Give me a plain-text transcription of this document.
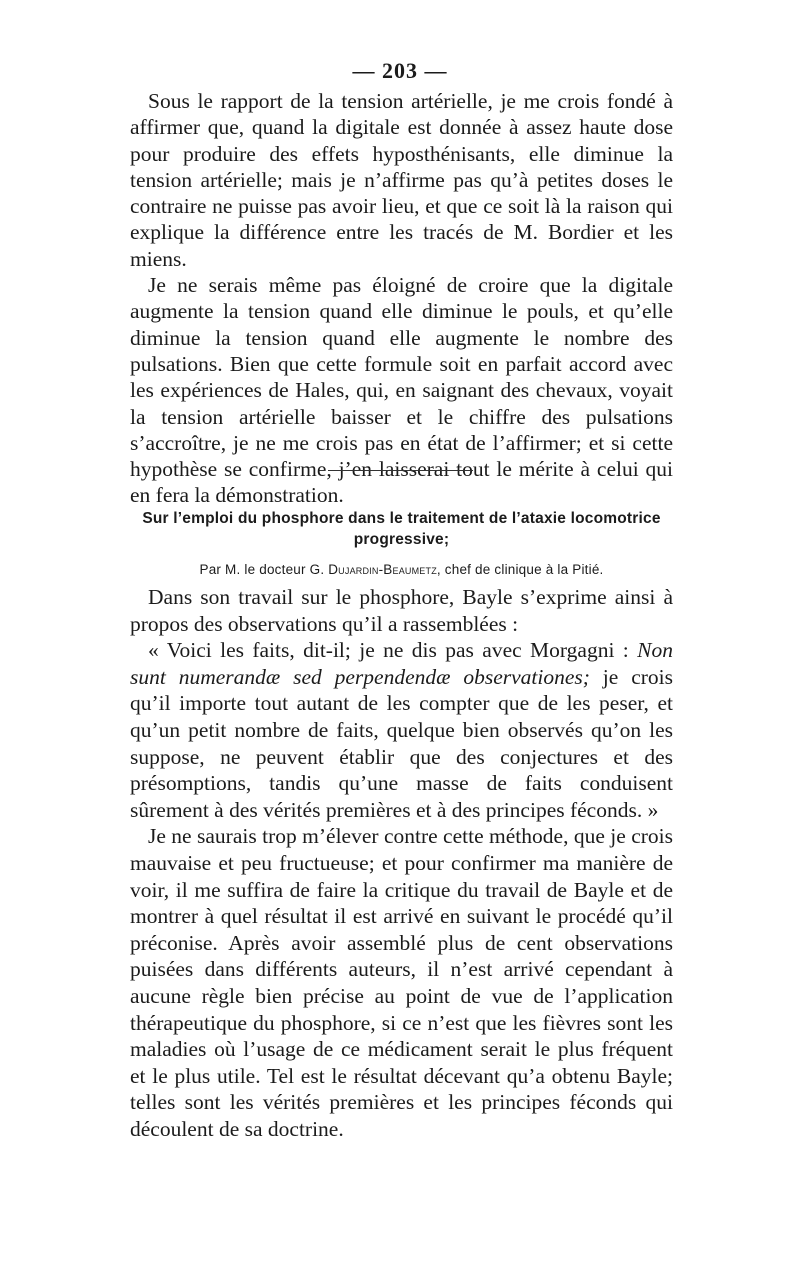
— 203 —

Sous le rapport de la tension artérielle, je me crois fondé à affirmer que, quand la digitale est donnée à assez haute dose pour produire des effets hyposthénisants, elle diminue la tension artérielle; mais je n’affirme pas qu’à petites doses le contraire ne puisse pas avoir lieu, et que ce soit là la raison qui explique la différence entre les tracés de M. Bordier et les miens.

Je ne serais même pas éloigné de croire que la digitale augmente la tension quand elle diminue le pouls, et qu’elle diminue la tension quand elle augmente le nombre des pulsations. Bien que cette formule soit en parfait accord avec les expériences de Hales, qui, en saignant des chevaux, voyait la tension artérielle baisser et le chiffre des pulsations s’accroître, je ne me crois pas en état de l’affirmer; et si cette hypothèse se confirme, j’en laisserai tout le mérite à celui qui en fera la démonstration.

Sur l’emploi du phosphore dans le traitement de l’ataxie locomotrice progressive;
Par M. le docteur G. Dujardin-Beaumetz, chef de clinique à la Pitié.

Dans son travail sur le phosphore, Bayle s’exprime ainsi à propos des observations qu’il a rassemblées :

« Voici les faits, dit-il; je ne dis pas avec Morgagni : Non sunt numerandæ sed perpendendæ observationes; je crois qu’il importe tout autant de les compter que de les peser, et qu’un petit nombre de faits, quelque bien observés qu’on les suppose, ne peuvent établir que des conjectures et des présomptions, tandis qu’une masse de faits conduisent sûrement à des vérités premières et à des principes féconds. »

Je ne saurais trop m’élever contre cette méthode, que je crois mauvaise et peu fructueuse; et pour confirmer ma manière de voir, il me suffira de faire la critique du travail de Bayle et de montrer à quel résultat il est arrivé en suivant le procédé qu’il préconise. Après avoir assemblé plus de cent observations puisées dans différents auteurs, il n’est arrivé cependant à aucune règle bien précise au point de vue de l’application thérapeutique du phosphore, si ce n’est que les fièvres sont les maladies où l’usage de ce médicament serait le plus fréquent et le plus utile. Tel est le résultat décevant qu’a obtenu Bayle; telles sont les vérités premières et les principes féconds qui découlent de sa doctrine.
